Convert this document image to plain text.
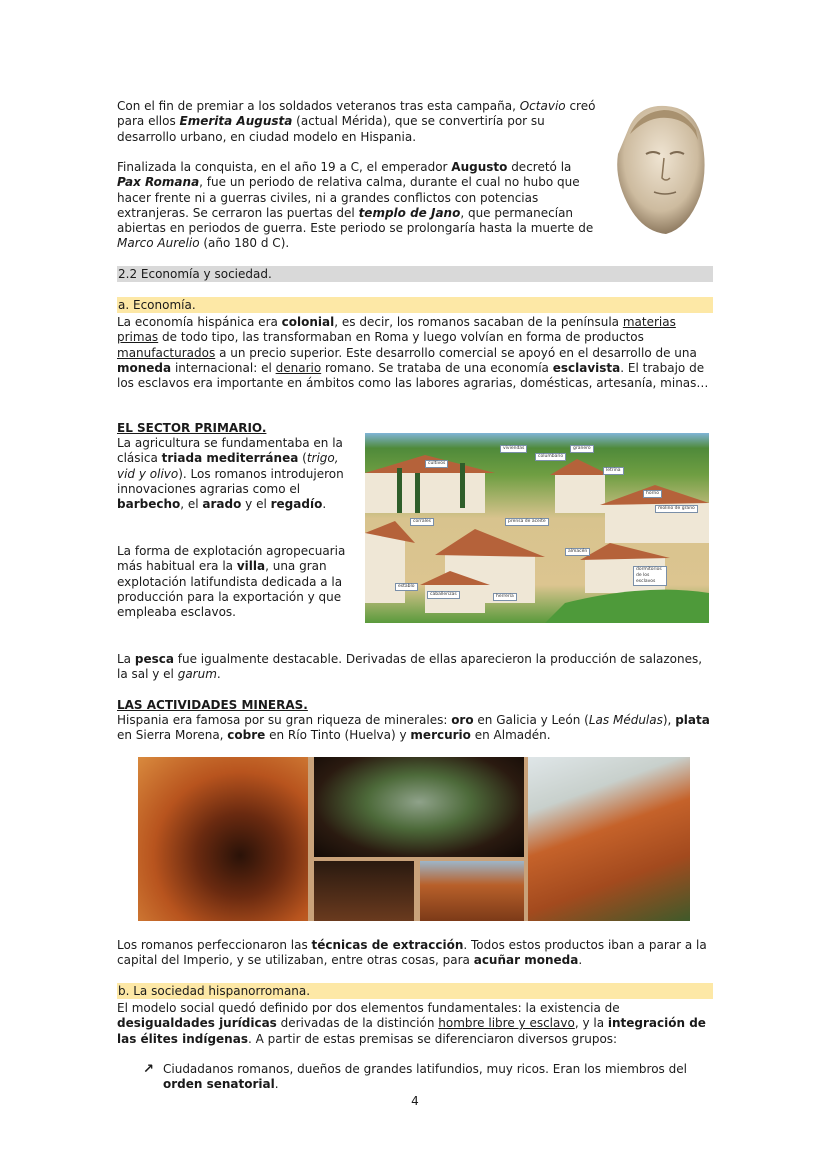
Con el fin de premiar a los soldados veteranos tras esta campaña, Octavio creó para ellos Emerita Augusta (actual Mérida), que se convertiría por su desarrollo urbano, en ciudad modelo en Hispania.

Finalizada la conquista, en el año 19 a C, el emperador Augusto decretó la Pax Romana, fue un periodo de relativa calma, durante el cual no hubo que hacer frente ni a guerras civiles, ni a grandes conflictos con potencias extranjeras. Se cerraron las puertas del templo de Jano, que permanecían abiertas en periodos de guerra. Este periodo se prolongaría hasta la muerte de Marco Aurelio (año 180 d C).

2.2 Economía y sociedad.
a. Economía.

La economía hispánica era colonial, es decir, los romanos sacaban de la península materias primas de todo tipo, las transformaban en Roma y luego volvían en forma de productos manufacturados a un precio superior. Este desarrollo comercial se apoyó en el desarrollo de una moneda internacional: el denario romano. Se trataba de una economía esclavista. El trabajo de los esclavos era importante en ámbitos como las labores agrarias, domésticas, artesanía, minas…

EL SECTOR PRIMARIO.

La agricultura se fundamentaba en la clásica triada mediterránea (trigo, vid y olivo). Los romanos introdujeron innovaciones agrarias como el barbecho, el arado y el regadío.

La forma de explotación agropecuaria más habitual era la villa, una gran explotación latifundista dedicada a la producción para la exportación y que empleaba esclavos.

viviendas
columbario
granero
cultivos
letrina
horno
molino de grano
corrales	prensa de aceite
almacén
dormitorios de los esclavos
establo
caballerizas	herrería

La pesca fue igualmente destacable. Derivadas de ellas aparecieron la producción de salazones, la sal y el garum.

LAS ACTIVIDADES MINERAS.

Hispania era famosa por su gran riqueza de minerales: oro en Galicia y León (Las Médulas), plata en Sierra Morena, cobre en Río Tinto (Huelva) y mercurio en Almadén.

Los romanos perfeccionaron las técnicas de extracción. Todos estos productos iban a parar a la capital del Imperio, y se utilizaban, entre otras cosas, para acuñar moneda.

b. La sociedad hispanorromana.

El modelo social quedó definido por dos elementos fundamentales: la existencia de desigualdades jurídicas derivadas de la distinción hombre libre y esclavo, y la integración de las élites indígenas. A partir de estas premisas se diferenciaron diversos grupos:

↗ Ciudadanos romanos, dueños de grandes latifundios, muy ricos. Eran los miembros del orden senatorial.

4
